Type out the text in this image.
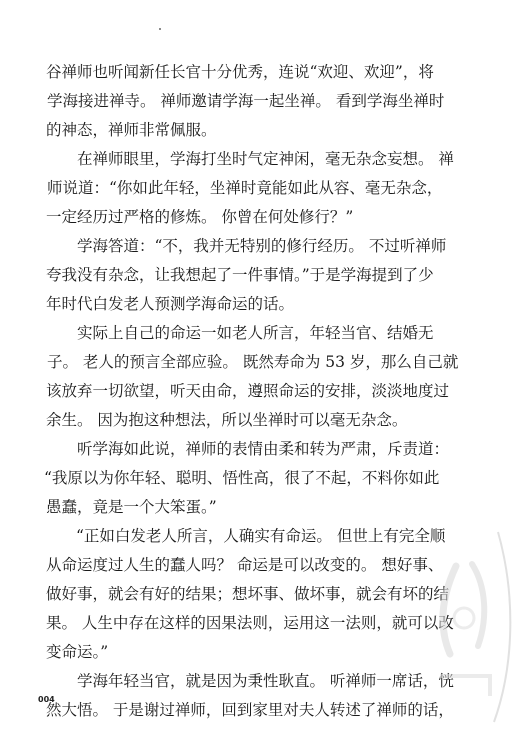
谷禅师也听闻新任长官十分优秀，连说“欢迎、欢迎”，将
学海接进禅寺。 禅师邀请学海一起坐禅。 看到学海坐禅时
的神态，禅师非常佩服。
在禅师眼里，学海打坐时气定神闲，毫无杂念妄想。 禅
师说道：“你如此年轻，坐禅时竟能如此从容、毫无杂念，
一定经历过严格的修炼。 你曾在何处修行？”
学海答道：“不，我并无特别的修行经历。 不过听禅师
夸我没有杂念，让我想起了一件事情。”于是学海提到了少
年时代白发老人预测学海命运的话。
实际上自己的命运一如老人所言，年轻当官、结婚无
子。 老人的预言全部应验。 既然寿命为 53 岁，那么自己就
该放弃一切欲望，听天由命，遵照命运的安排，淡淡地度过
余生。 因为抱这种想法，所以坐禅时可以毫无杂念。
听学海如此说，禅师的表情由柔和转为严肃，斥责道：
“我原以为你年轻、聪明、悟性高，很了不起，不料你如此
愚蠢，竟是一个大笨蛋。”
“正如白发老人所言，人确实有命运。 但世上有完全顺
从命运度过人生的蠢人吗？ 命运是可以改变的。 想好事、
做好事，就会有好的结果；想坏事、做坏事，就会有坏的结
果。 人生中存在这样的因果法则，运用这一法则，就可以改
变命运。”
学海年轻当官，就是因为秉性耿直。 听禅师一席话，恍
然大悟。 于是谢过禅师，回到家里对夫人转述了禅师的话，
004
